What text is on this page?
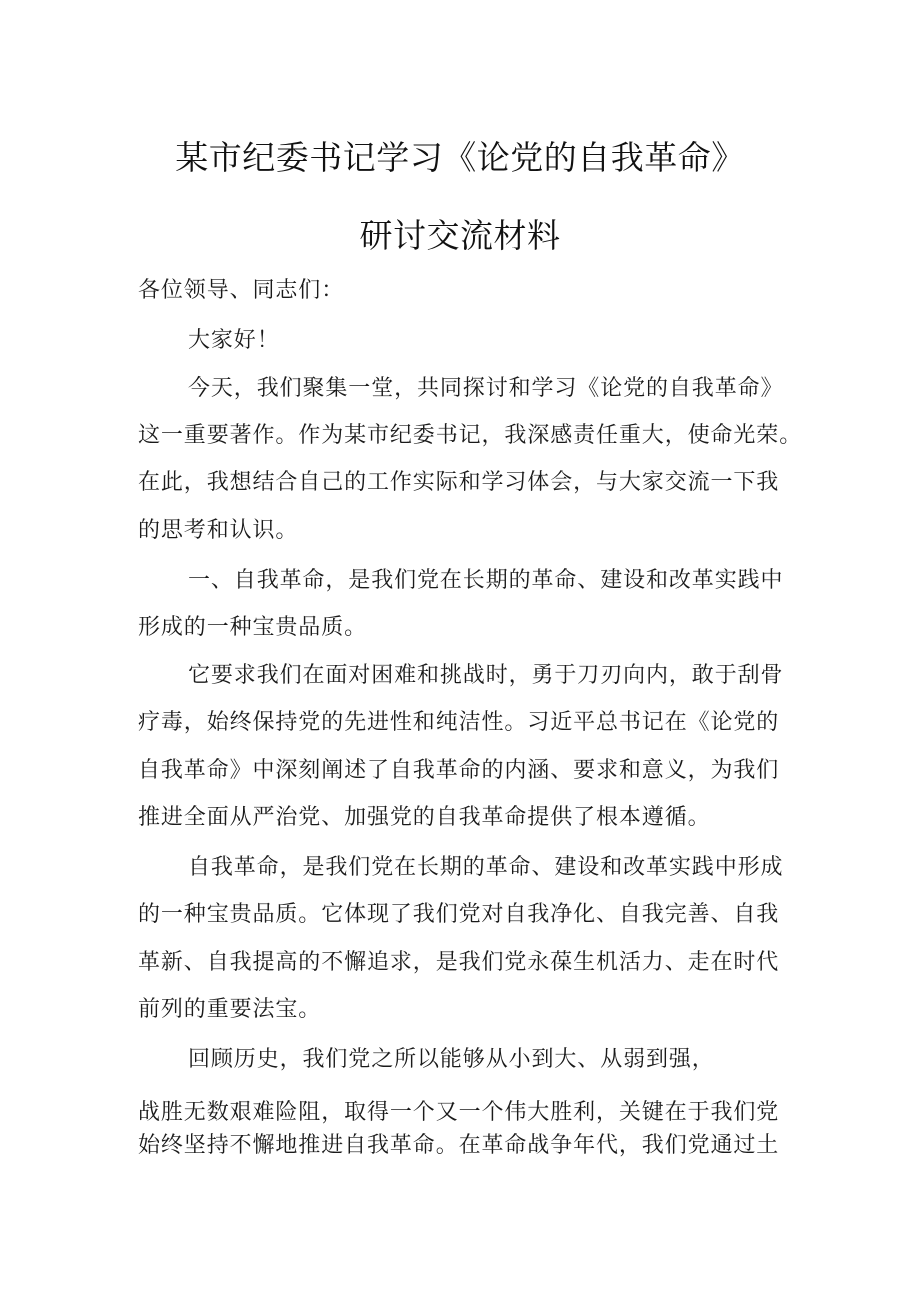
某市纪委书记学习《论党的自我革命》
研讨交流材料
各位领导、同志们：
大家好！
今天，我们聚集一堂，共同探讨和学习《论党的自我革命》
这一重要著作。作为某市纪委书记，我深感责任重大，使命光荣。
在此，我想结合自己的工作实际和学习体会，与大家交流一下我
的思考和认识。
一、自我革命，是我们党在长期的革命、建设和改革实践中
形成的一种宝贵品质。
它要求我们在面对困难和挑战时，勇于刀刃向内，敢于刮骨
疗毒，始终保持党的先进性和纯洁性。习近平总书记在《论党的
自我革命》中深刻阐述了自我革命的内涵、要求和意义，为我们
推进全面从严治党、加强党的自我革命提供了根本遵循。
自我革命，是我们党在长期的革命、建设和改革实践中形成
的一种宝贵品质。它体现了我们党对自我净化、自我完善、自我
革新、自我提高的不懈追求，是我们党永葆生机活力、走在时代
前列的重要法宝。
回顾历史，我们党之所以能够从小到大、从弱到强，
战胜无数艰难险阻，取得一个又一个伟大胜利，关键在于我们党
始终坚持不懈地推进自我革命。在革命战争年代，我们党通过土
